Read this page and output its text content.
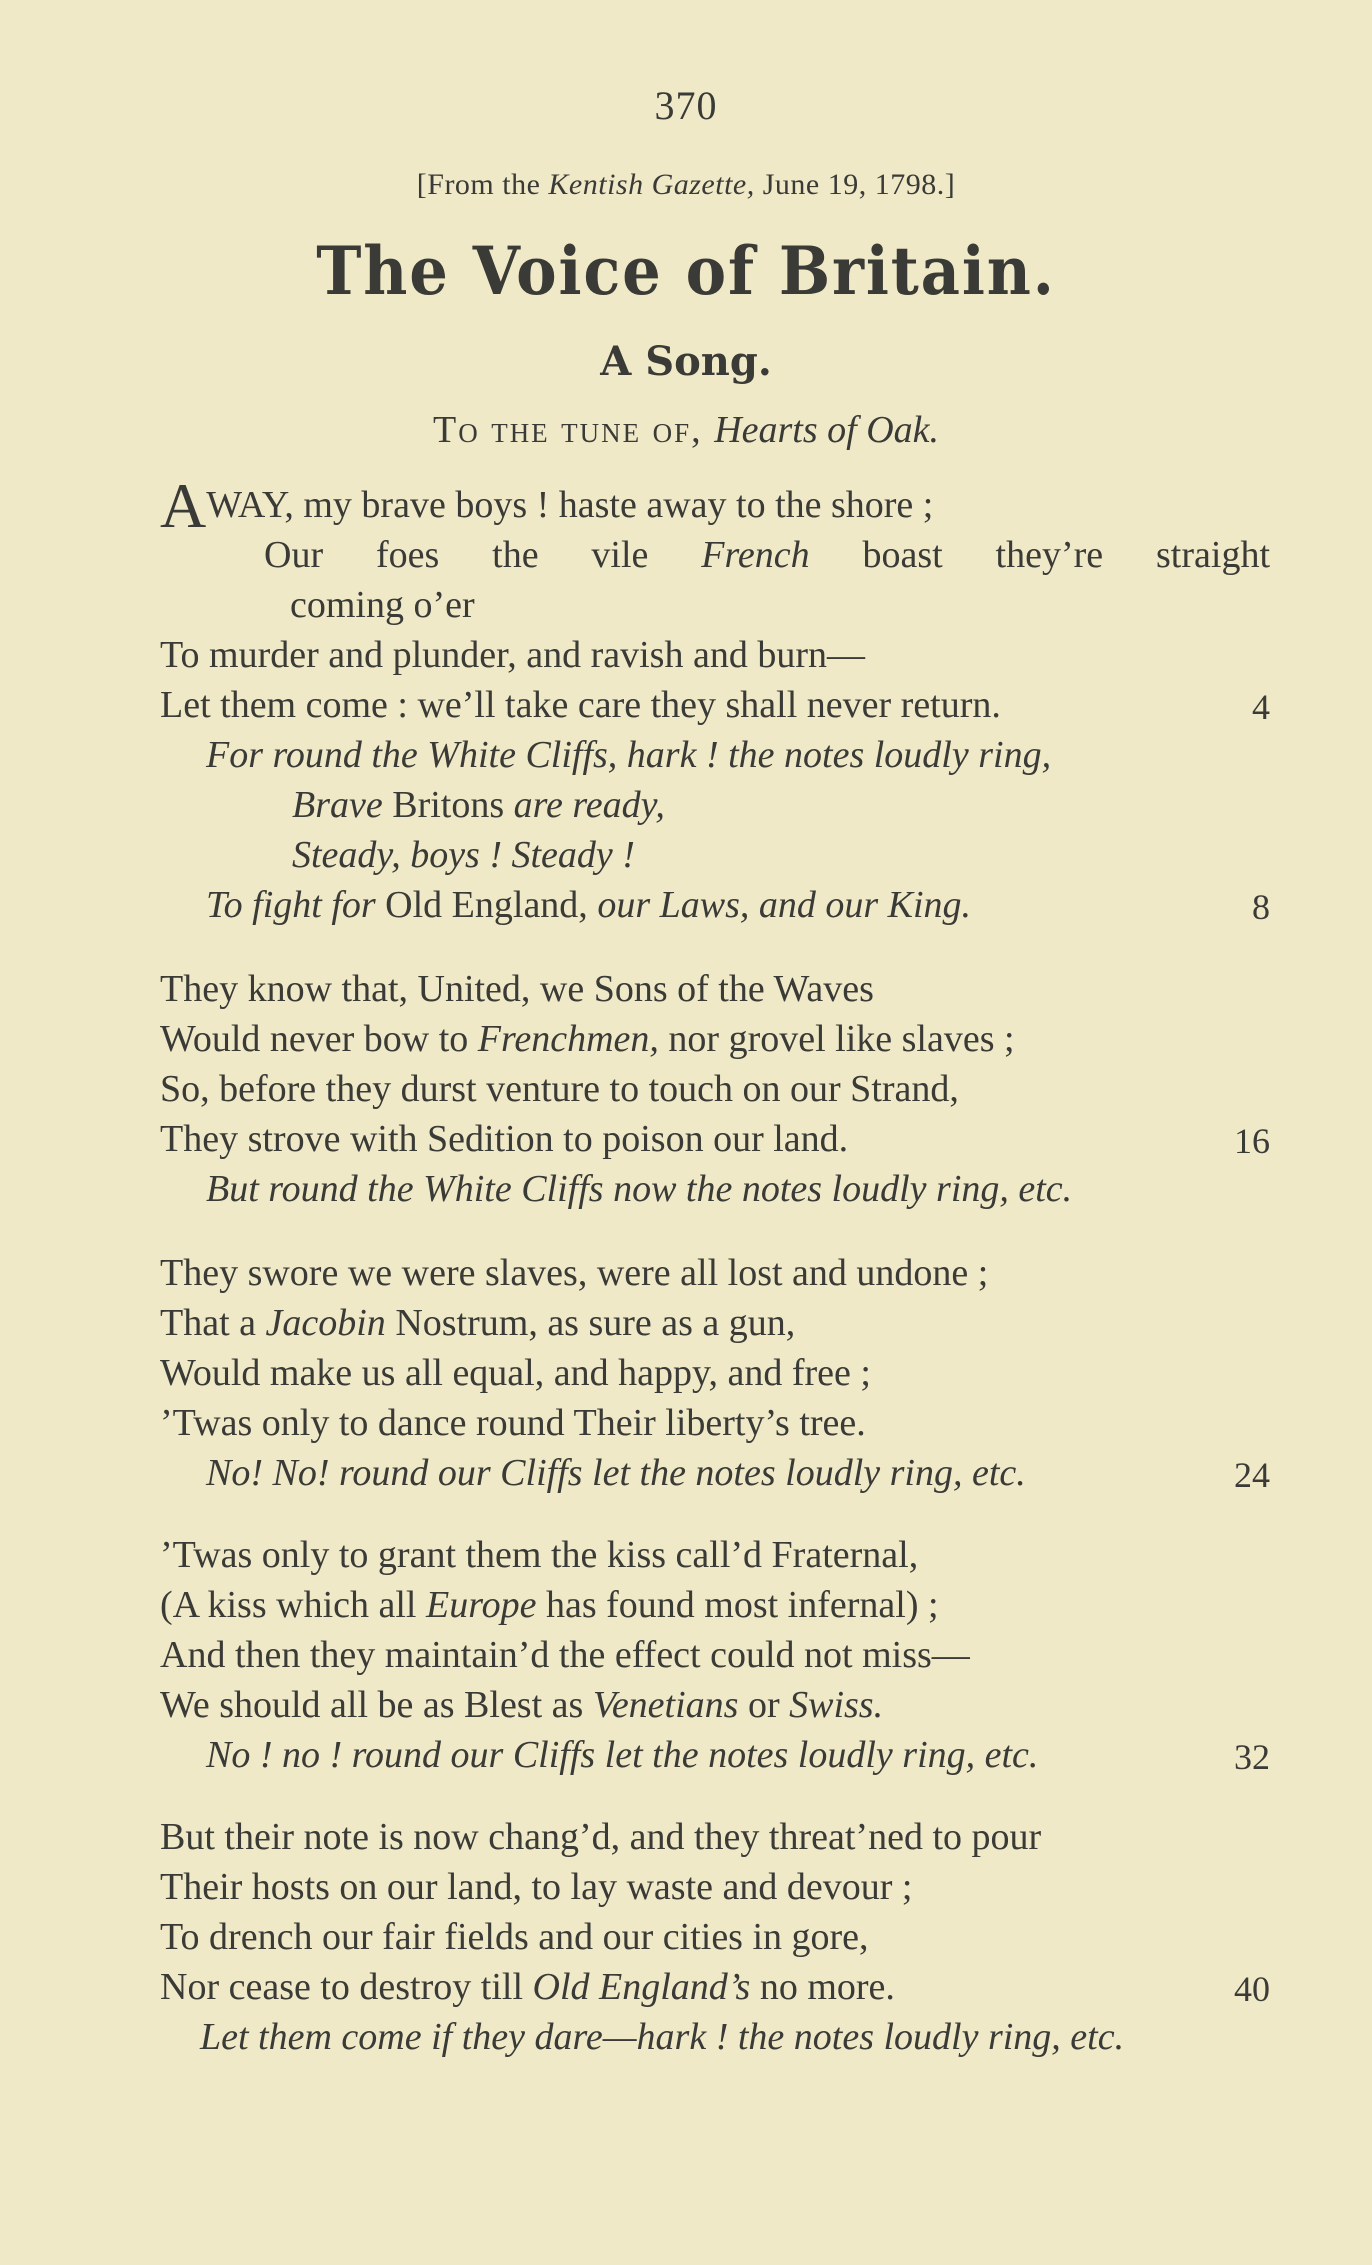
370
[From the Kentish Gazette, June 19, 1798.]
The Voice of Britain.
A Song.
To the tune of, Hearts of Oak.
AWAY, my brave boys ! haste away to the shore ;
Our foes the vile French boast they’re straight
coming o’er
To murder and plunder, and ravish and burn—
Let them come : we’ll take care they shall never return.	4
For round the White Cliffs, hark ! the notes loudly ring,
Brave Britons are ready,
Steady, boys ! Steady !
To fight for Old England, our Laws, and our King.	8
They know that, United, we Sons of the Waves
Would never bow to Frenchmen, nor grovel like slaves ;
So, before they durst venture to touch on our Strand,
They strove with Sedition to poison our land.	16
But round the White Cliffs now the notes loudly ring, etc.
They swore we were slaves, were all lost and undone ;
That a Jacobin Nostrum, as sure as a gun,
Would make us all equal, and happy, and free ;
’Twas only to dance round Their liberty’s tree.
No! No! round our Cliffs let the notes loudly ring, etc.	24
’Twas only to grant them the kiss call’d Fraternal,
(A kiss which all Europe has found most infernal) ;
And then they maintain’d the effect could not miss—
We should all be as Blest as Venetians or Swiss.
No ! no ! round our Cliffs let the notes loudly ring, etc.	32
But their note is now chang’d, and they threat’ned to pour
Their hosts on our land, to lay waste and devour ;
To drench our fair fields and our cities in gore,
Nor cease to destroy till Old England’s no more.	40
Let them come if they dare—hark ! the notes loudly ring, etc.
